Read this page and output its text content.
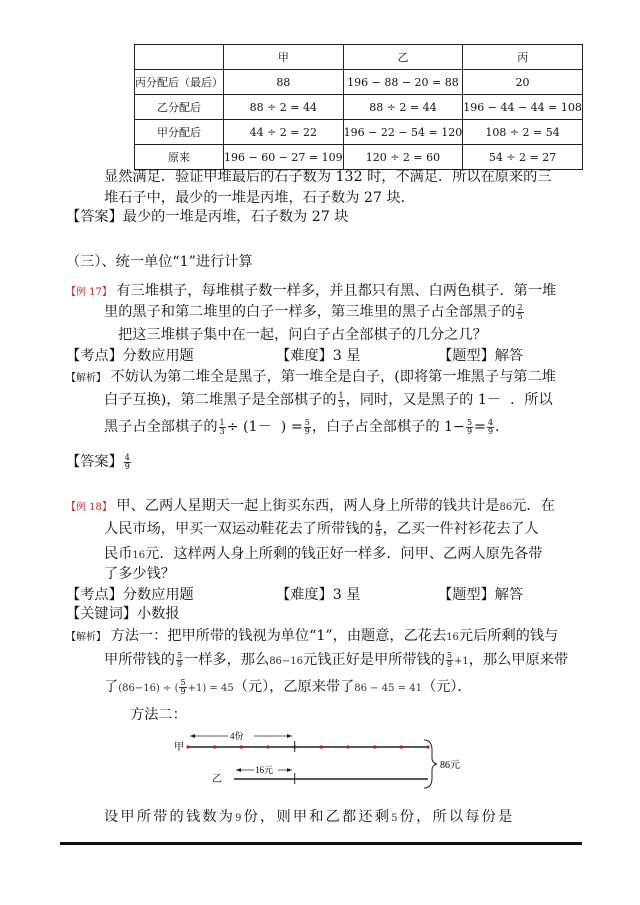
	甲	乙	丙
丙分配后（最后）	88	196 − 88 − 20 = 88	20
乙分配后	88 ÷ 2 = 44	88 ÷ 2 = 44	196 − 44 − 44 = 108
甲分配后	44 ÷ 2 = 22	196 − 22 − 54 = 120	108 ÷ 2 = 54
原来	196 − 60 − 27 = 109	120 ÷ 2 = 60	54 ÷ 2 = 27
显然满足．验证甲堆最后的石子数为 132 时，不满足．所以在原来的三
堆石子中，最少的一堆是丙堆，石子数为 27 块．
【答案】最少的一堆是丙堆，石子数为 27 块
（三）、统一单位“1”进行计算
【例 17】 有三堆棋子，每堆棋子数一样多，并且都只有黑、白两色棋子．第一堆
里的黑子和第二堆里的白子一样多，第三堆里的黑子占全部黑子的 $\frac{2}{5}$
把这三堆棋子集中在一起，问白子占全部棋子的几分之几？
【考点】分数应用题	【难度】3 星	【题型】解答
【解析】 不妨认为第二堆全是黑子，第一堆全是白子，(即将第一堆黑子与第二堆
白子互换)，第二堆黑子是全部棋子的 $\frac{1}{3}$ ，同时，又是黑子的 1－ ．所以
黑子占全部棋子的 $\frac{1}{3} \div (1-$ ) = $\frac{5}{9}$ ，白子占全部棋子的 $1- \frac{5}{9} = \frac{4}{9}$ .
【答案】 $\frac{4}{9}$
【例 18】 甲、乙两人星期天一起上街买东西，两人身上所带的钱共计是86元．在
人民市场，甲买一双运动鞋花去了所带钱的 $\frac{4}{9}$ ，乙买一件衬衫花去了人
民币16元．这样两人身上所剩的钱正好一样多．问甲、乙两人原先各带
了多少钱？
【考点】分数应用题	【难度】3 星	【题型】解答
【关键词】小数报
【解析】 方法一：把甲所带的钱视为单位“1”，由题意，乙花去16元后所剩的钱与
甲所带钱的 $\frac{5}{9}$ 一样多，那么86−16元钱正好是甲所带钱的 $\frac{5}{9} +1$，那么甲原来带
了(86−16) ÷ ( $\frac{5}{9} +1) = 45$（元），乙原来带了86 − 45 = 41（元）．
方法二：
甲
4份
乙
16元	86元
设甲所带的钱数为9份，则甲和乙都还剩5份，所以每份是
